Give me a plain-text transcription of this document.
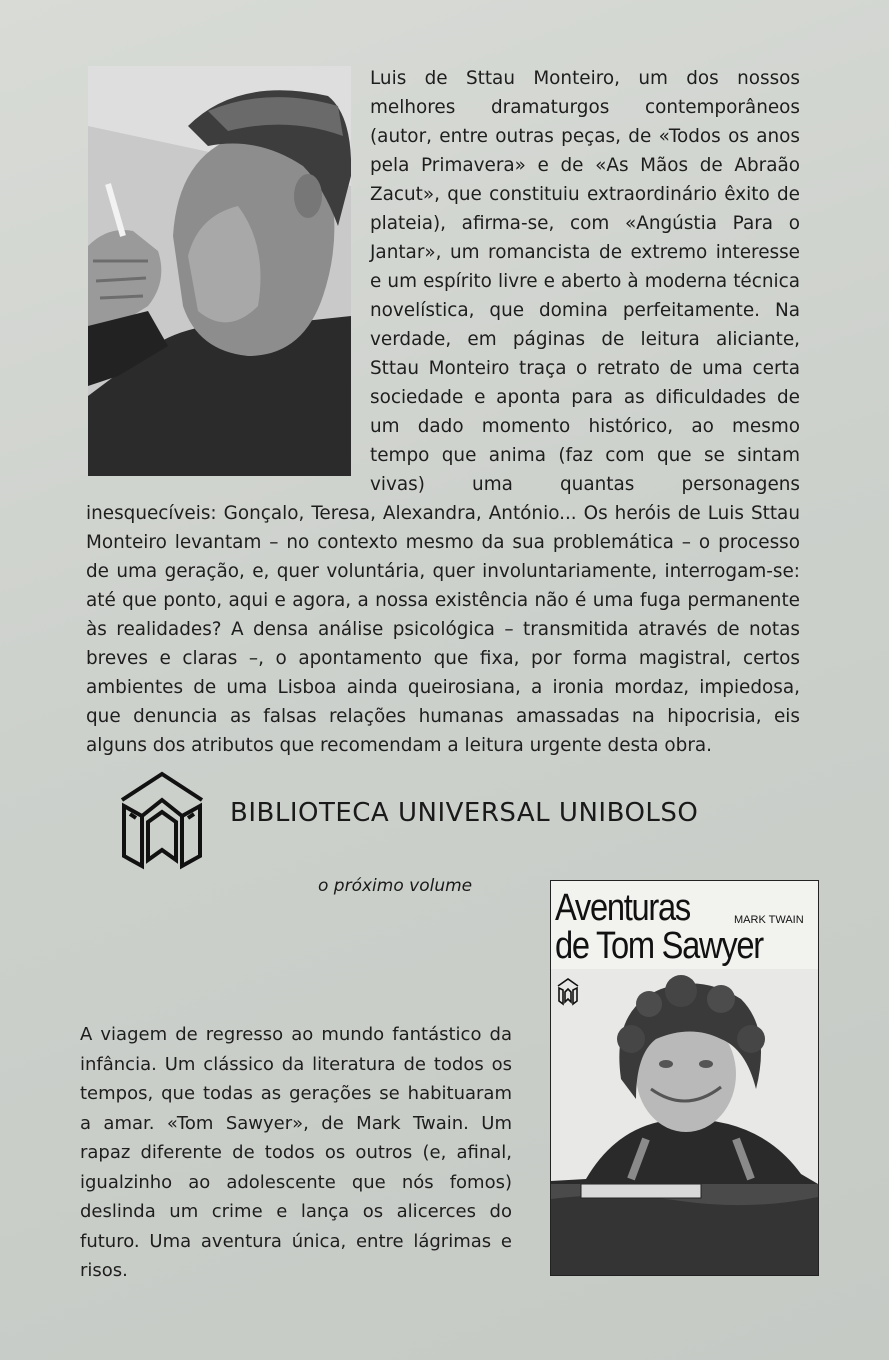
Luis de Sttau Monteiro, um dos nossos melhores dramaturgos contemporâneos (autor, entre outras peças, de «Todos os anos pela Primavera» e de «As Mãos de Abraão Zacut», que constituiu extraordinário êxito de plateia), afirma-se, com «Angústia Para o Jantar», um romancista de extremo interesse e um espírito livre e aberto à moderna técnica novelística, que domina perfeitamente. Na verdade, em páginas de leitura aliciante, Sttau Monteiro traça o retrato de uma certa sociedade e aponta para as dificuldades de um dado momento histórico, ao mesmo tempo que anima (faz com que se sintam vivas) uma quantas personagens inesquecíveis: Gonçalo, Teresa, Alexandra, António... Os heróis de Luis Sttau Monteiro levantam – no contexto mesmo da sua problemática – o processo de uma geração, e, quer voluntária, quer involuntariamente, interrogam-se: até que ponto, aqui e agora, a nossa existência não é uma fuga permanente às realidades? A densa análise psicológica – transmitida através de notas breves e claras –, o apontamento que fixa, por forma magistral, certos ambientes de uma Lisboa ainda queirosiana, a ironia mordaz, impiedosa, que denuncia as falsas relações humanas amassadas na hipocrisia, eis alguns dos atributos que recomendam a leitura urgente desta obra.

BIBLIOTECA UNIVERSAL UNIBOLSO
o próximo volume

A viagem de regresso ao mundo fantástico da infância. Um clássico da literatura de todos os tempos, que todas as gerações se habituaram a amar. «Tom Sawyer», de Mark Twain. Um rapaz diferente de todos os outros (e, afinal, igualzinho ao adolescente que nós fomos) deslinda um crime e lança os alicerces do futuro. Uma aventura única, entre lágrimas e risos.

Aventuras
de Tom Sawyer
MARK TWAIN
